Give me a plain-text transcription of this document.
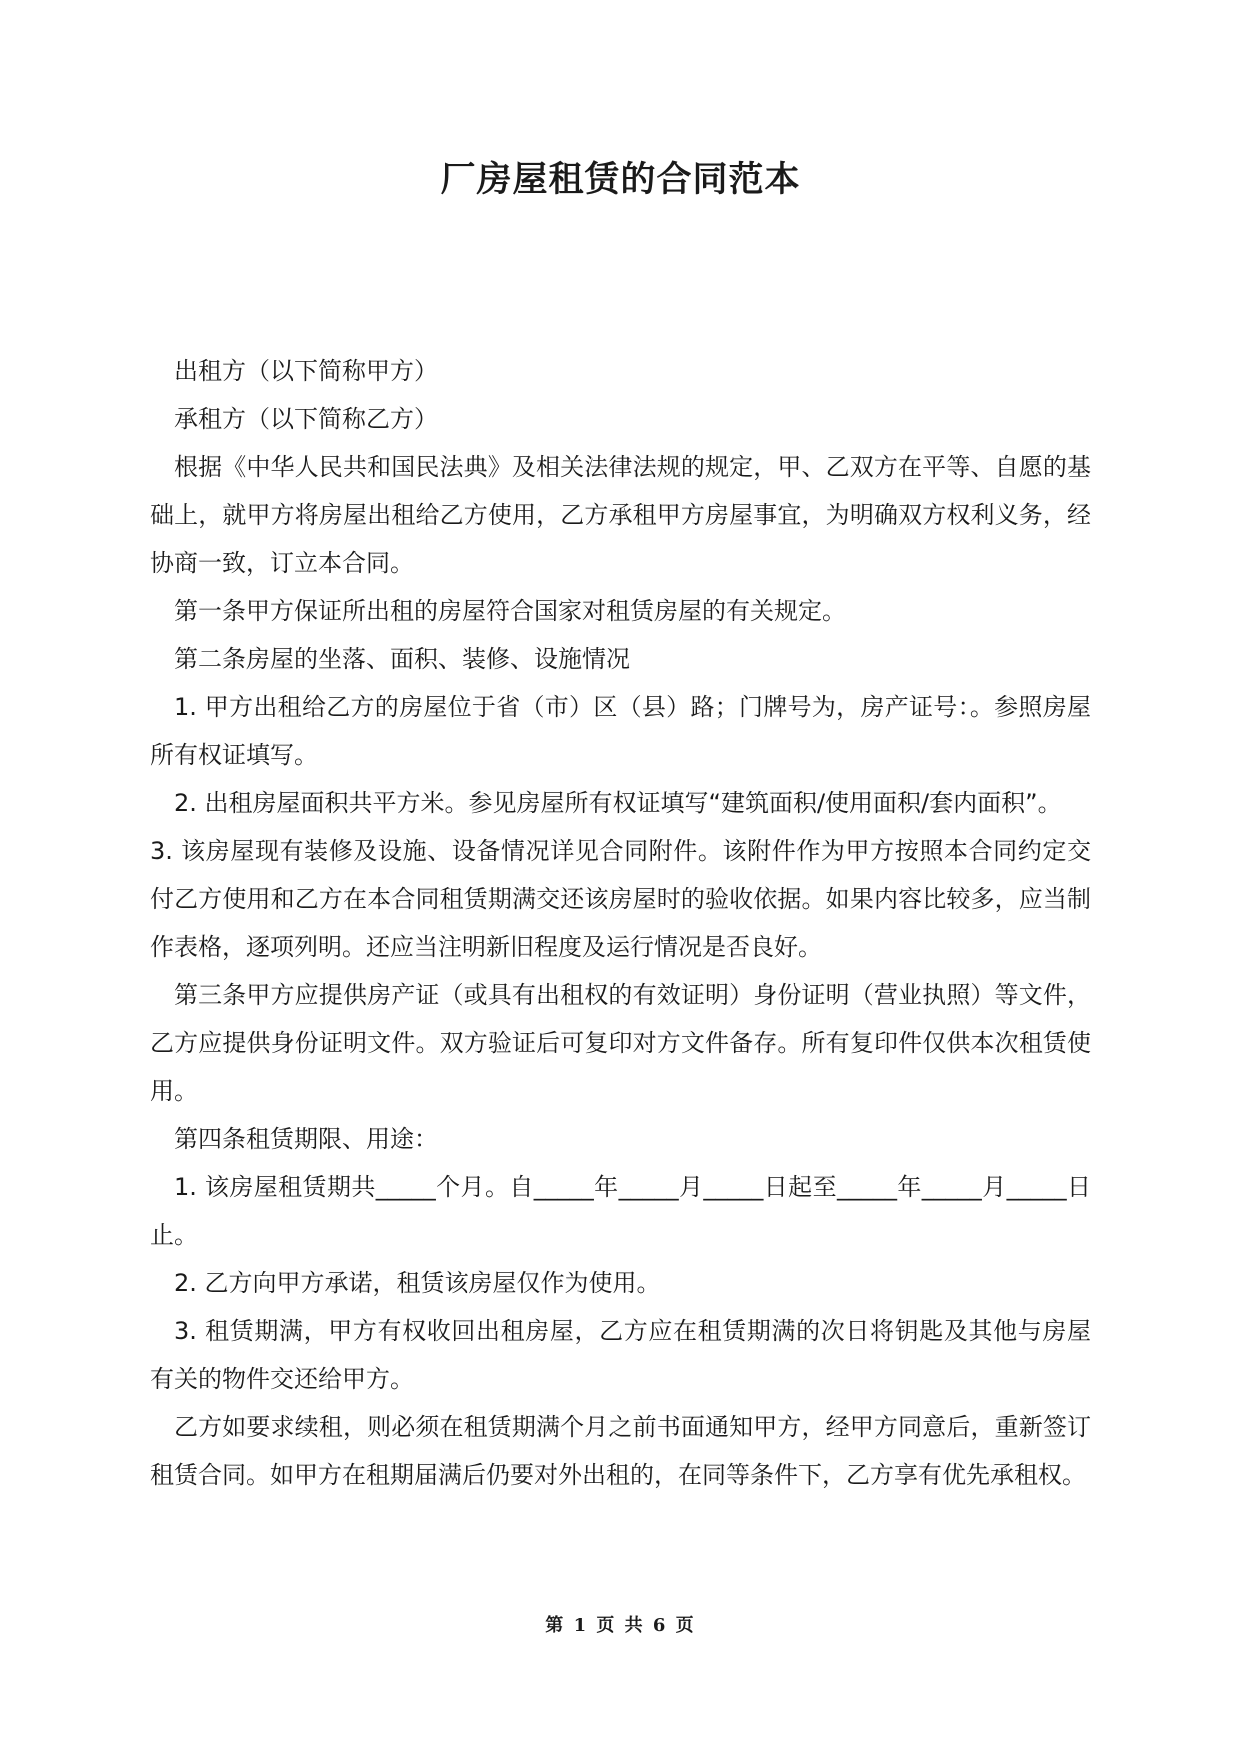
厂房屋租赁的合同范本

出租方（以下简称甲方）

承租方（以下简称乙方）

根据《中华人民共和国民法典》及相关法律法规的规定，甲、乙双方在平等、自愿的基础上，就甲方将房屋出租给乙方使用，乙方承租甲方房屋事宜，为明确双方权利义务，经协商一致，订立本合同。

第一条甲方保证所出租的房屋符合国家对租赁房屋的有关规定。

第二条房屋的坐落、面积、装修、设施情况

1. 甲方出租给乙方的房屋位于省（市）区（县）路；门牌号为，房产证号：。参照房屋所有权证填写。

2. 出租房屋面积共平方米。参见房屋所有权证填写“建筑面积/使用面积/套内面积”。

3. 该房屋现有装修及设施、设备情况详见合同附件。该附件作为甲方按照本合同约定交付乙方使用和乙方在本合同租赁期满交还该房屋时的验收依据。如果内容比较多，应当制作表格，逐项列明。还应当注明新旧程度及运行情况是否良好。

第三条甲方应提供房产证（或具有出租权的有效证明）身份证明（营业执照）等文件，乙方应提供身份证明文件。双方验证后可复印对方文件备存。所有复印件仅供本次租赁使用。

第四条租赁期限、用途：

1. 该房屋租赁期共_____个月。自_____年_____月_____日起至_____年_____月_____日止。

2. 乙方向甲方承诺，租赁该房屋仅作为使用。

3. 租赁期满，甲方有权收回出租房屋，乙方应在租赁期满的次日将钥匙及其他与房屋有关的物件交还给甲方。

乙方如要求续租，则必须在租赁期满个月之前书面通知甲方，经甲方同意后，重新签订租赁合同。如甲方在租期届满后仍要对外出租的，在同等条件下，乙方享有优先承租权。

第 1 页 共 6 页
